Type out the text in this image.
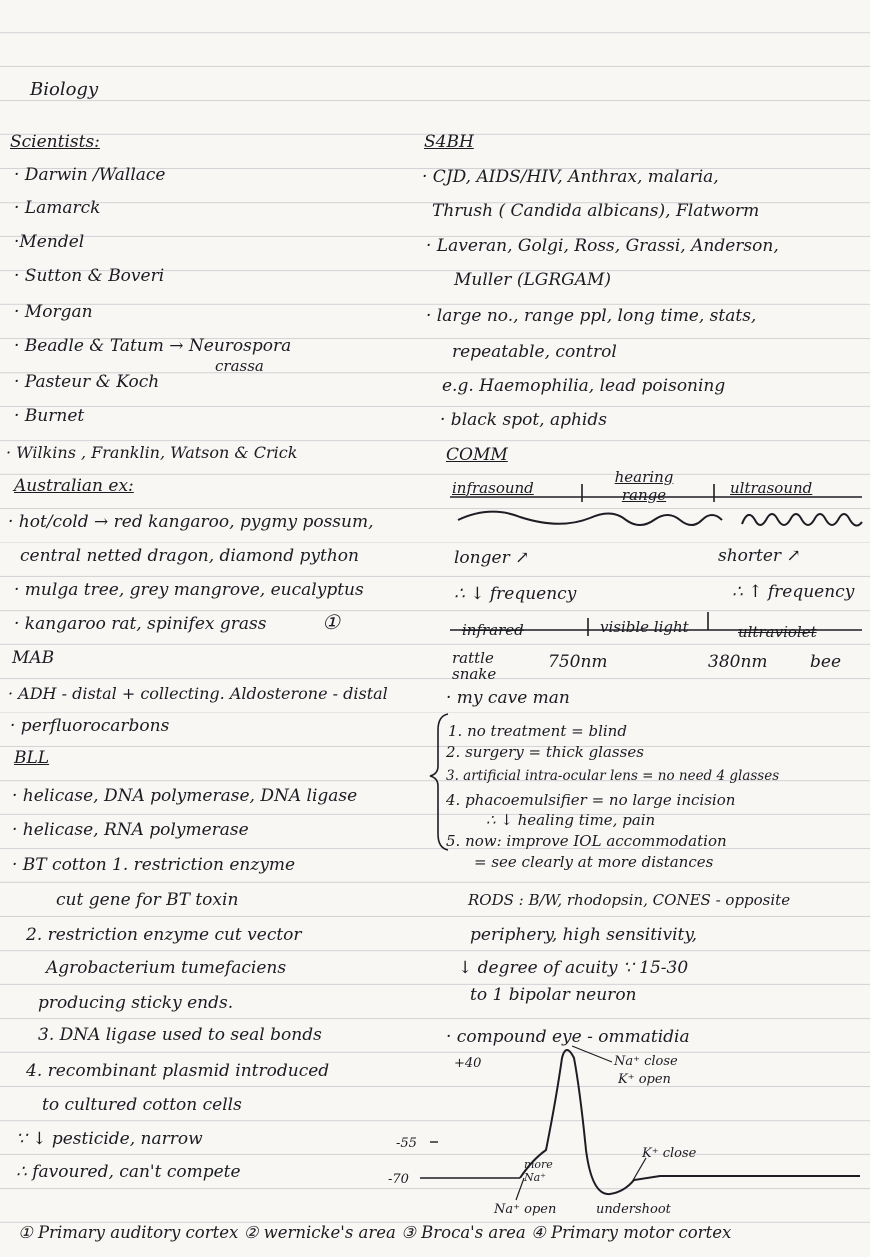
Biology
Scientists:
· Darwin /Wallace
· Lamarck
·Mendel
· Sutton & Boveri
· Morgan
· Beadle & Tatum → Neurospora
crassa
· Pasteur & Koch
· Burnet
· Wilkins , Franklin, Watson & Crick
Australian ex:
· hot/cold → red kangaroo, pygmy possum,
central netted dragon, diamond python
· mulga tree, grey mangrove, eucalyptus
· kangaroo rat, spinifex grass	①
MAB
· ADH - distal + collecting. Aldosterone - distal
· perfluorocarbons
BLL
· helicase, DNA polymerase, DNA ligase
· helicase, RNA polymerase
· BT cotton 1. restriction enzyme
cut gene for BT toxin
2. restriction enzyme cut vector
Agrobacterium tumefaciens
producing sticky ends.
3. DNA ligase used to seal bonds
4. recombinant plasmid introduced
to cultured cotton cells
∵ ↓ pesticide, narrow
∴ favoured, can't compete
S4BH
· CJD, AIDS/HIV, Anthrax, malaria,
Thrush ( Candida albicans), Flatworm
· Laveran, Golgi, Ross, Grassi, Anderson,
Muller (LGRGAM)
· large no., range ppl, long time, stats,
repeatable, control
e.g. Haemophilia, lead poisoning
· black spot, aphids
COMM
infrasound
hearing range	ultrasound
longer ↗	shorter ↗
∴ ↓ frequency	∴ ↑ frequency
infrared	visible light	ultraviolet
rattle snake
750nm	380nm bee
· my cave man
1. no treatment = blind
2. surgery = thick glasses
3. artificial intra-ocular lens = no need 4 glasses
4. phacoemulsifier = no large incision
∴ ↓ healing time, pain
5. now: improve IOL accommodation
= see clearly at more distances
RODS : B/W, rhodopsin, CONES - opposite
periphery, high sensitivity,
↓ degree of acuity ∵ 15-30
to 1 bipolar neuron
· compound eye - ommatidia
+40
-55
-70
Na⁺ close
K⁺ open
more Na⁺
K⁺ close
Na⁺ open	undershoot
① Primary auditory cortex ② wernicke's area ③ Broca's area ④ Primary motor cortex
